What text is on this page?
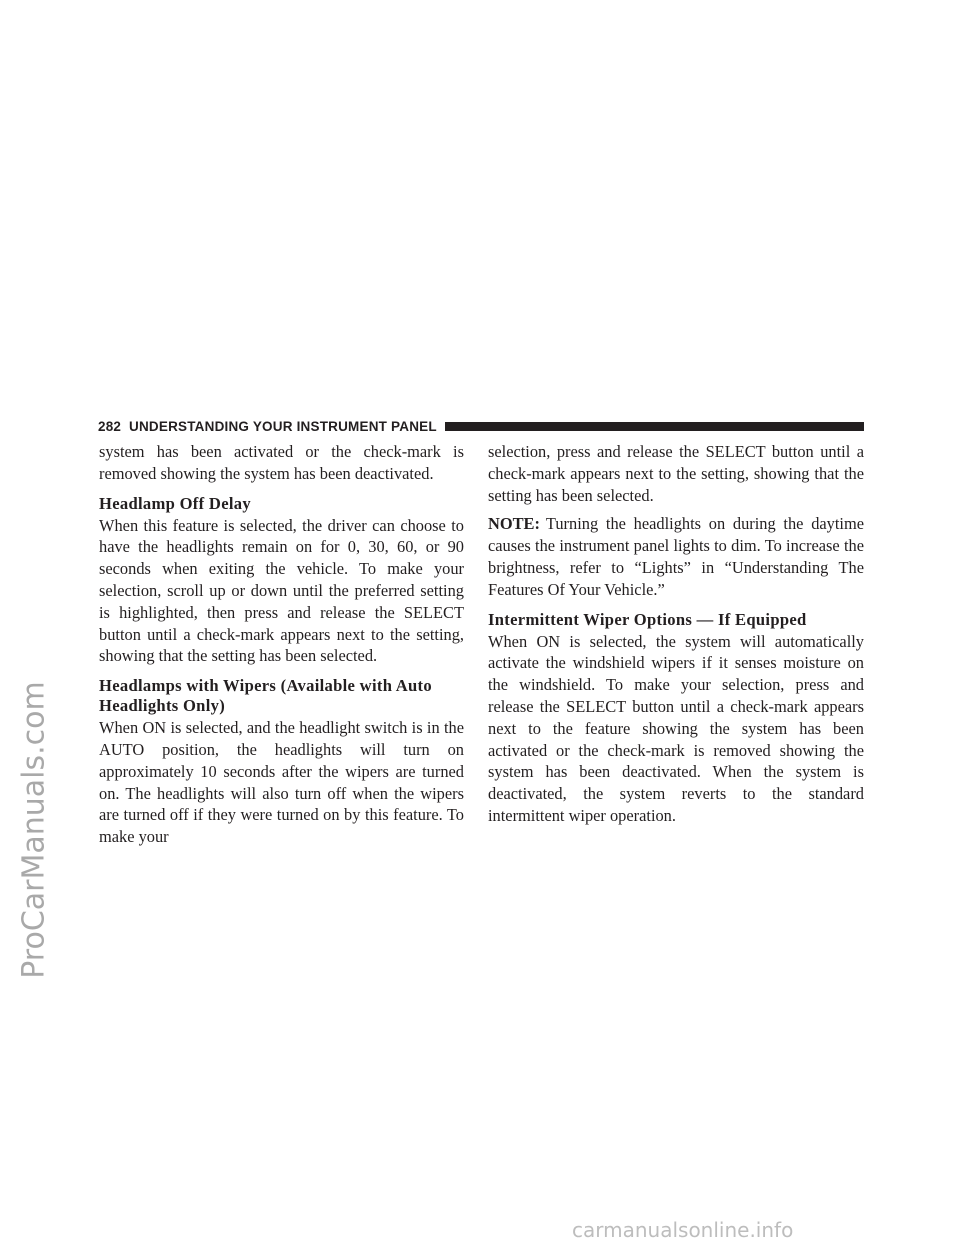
ProCarManuals.com
282 UNDERSTANDING YOUR INSTRUMENT PANEL

system has been activated or the check-mark is removed showing the system has been deactivated.

Headlamp Off Delay

When this feature is selected, the driver can choose to have the headlights remain on for 0, 30, 60, or 90 seconds when exiting the vehicle. To make your selection, scroll up or down until the preferred setting is highlighted, then press and release the SELECT button until a check-mark appears next to the setting, showing that the setting has been selected.

Headlamps with Wipers (Available with Auto Headlights Only)

When ON is selected, and the headlight switch is in the AUTO position, the headlights will turn on approximately 10 seconds after the wipers are turned on. The headlights will also turn off when the wipers are turned off if they were turned on by this feature. To make your

selection, press and release the SELECT button until a check-mark appears next to the setting, showing that the setting has been selected.

NOTE: Turning the headlights on during the daytime causes the instrument panel lights to dim. To increase the brightness, refer to “Lights” in “Understanding The Features Of Your Vehicle.”

Intermittent Wiper Options — If Equipped

When ON is selected, the system will automatically activate the windshield wipers if it senses moisture on the windshield. To make your selection, press and release the SELECT button until a check-mark appears next to the feature showing the system has been activated or the check-mark is removed showing the system has been deactivated. When the system is deactivated, the system reverts to the standard intermittent wiper operation.

carmanualsonline.info
